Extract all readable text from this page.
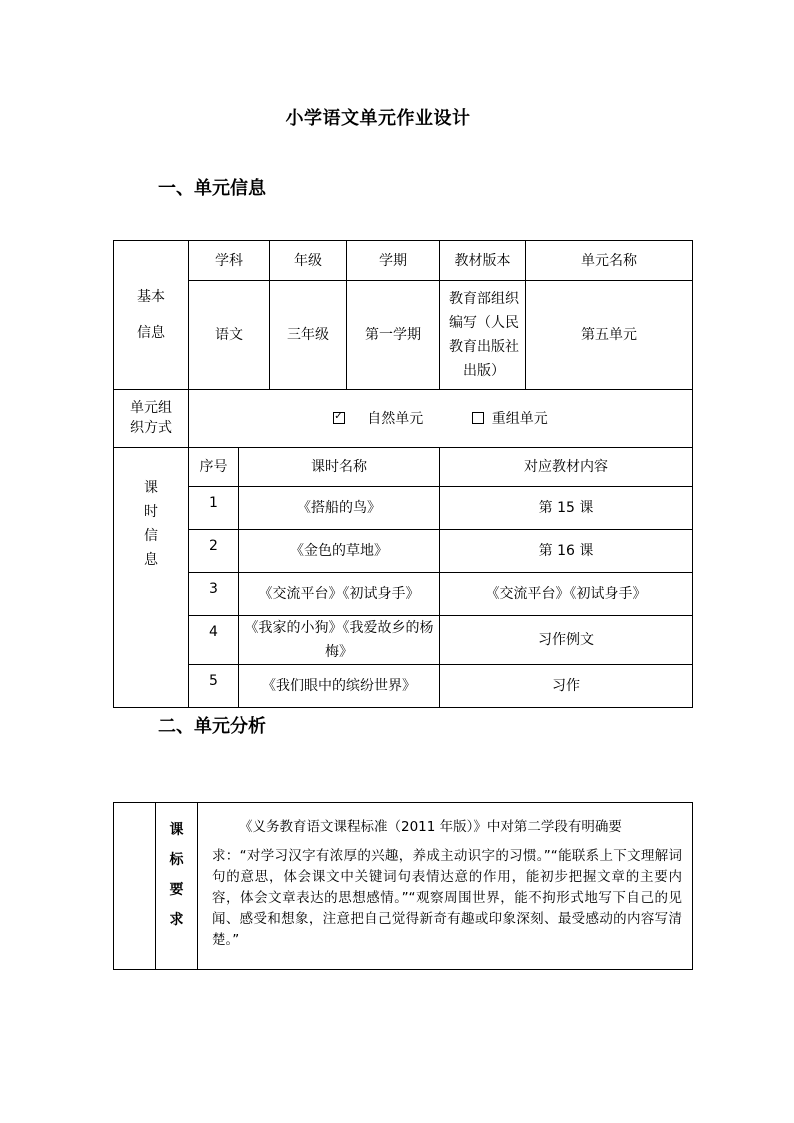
小学语文单元作业设计
一、单元信息
基本信息	学科		年级	学期	教材版本	单元名称
	语文		三年级	第一学期	教育部组织编写（人民教育出版社出版）	第五单元
单元组织方式	✓自然单元 重组单元
课时信息	序号	课时名称			对应教材内容	
	1	《搭船的鸟》			第 15 课	
	2	《金色的草地》			第 16 课	
	3	《交流平台》《初试身手》			《交流平台》《初试身手》	
	4	《我家的小狗》《我爱故乡的杨梅》			习作例文	
	5	《我们眼中的缤纷世界》			习作	
二、单元分析

课
标
要
求

《义务教育语文课程标准（2011 年版）》中对第二学段有明确要
求：“对学习汉字有浓厚的兴趣，养成主动识字的习惯。”“能联系上下文理解词句的意思，体会课文中关键词句表情达意的作用，能初步把握文章的主要内容，体会文章表达的思想感情。”“观察周围世界，能不拘形式地写下自己的见闻、感受和想象，注意把自己觉得新奇有趣或印象深刻、最受感动的内容写清楚。”
